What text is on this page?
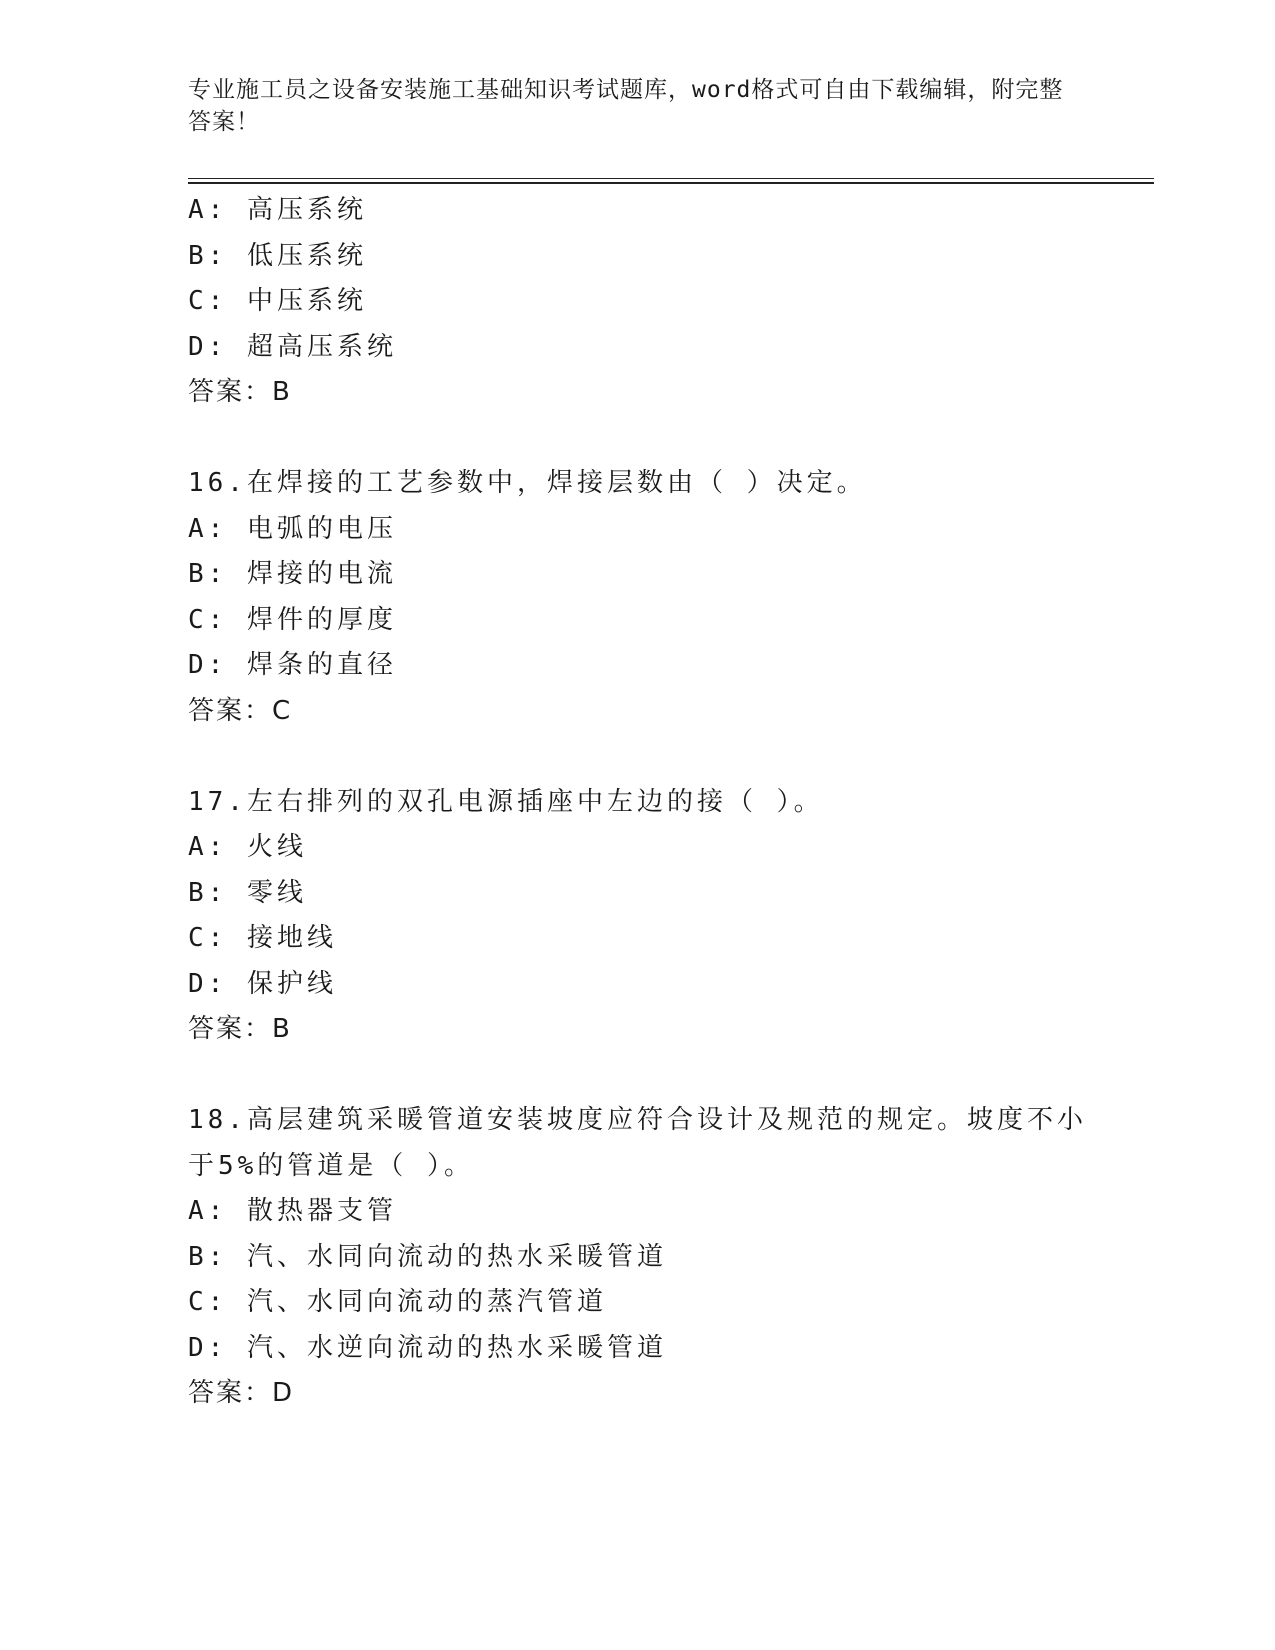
专业施工员之设备安装施工基础知识考试题库，word格式可自由下载编辑，附完整答案！
A: 高压系统
B: 低压系统
C: 中压系统
D: 超高压系统
答案：B
16.在焊接的工艺参数中，焊接层数由（ ）决定。
A: 电弧的电压
B: 焊接的电流
C: 焊件的厚度
D: 焊条的直径
答案：C
17.左右排列的双孔电源插座中左边的接（ ）。
A: 火线
B: 零线
C: 接地线
D: 保护线
答案：B
18.高层建筑采暖管道安装坡度应符合设计及规范的规定。坡度不小于5%的管道是（ ）。
A: 散热器支管
B: 汽、水同向流动的热水采暖管道
C: 汽、水同向流动的蒸汽管道
D: 汽、水逆向流动的热水采暖管道
答案：D
